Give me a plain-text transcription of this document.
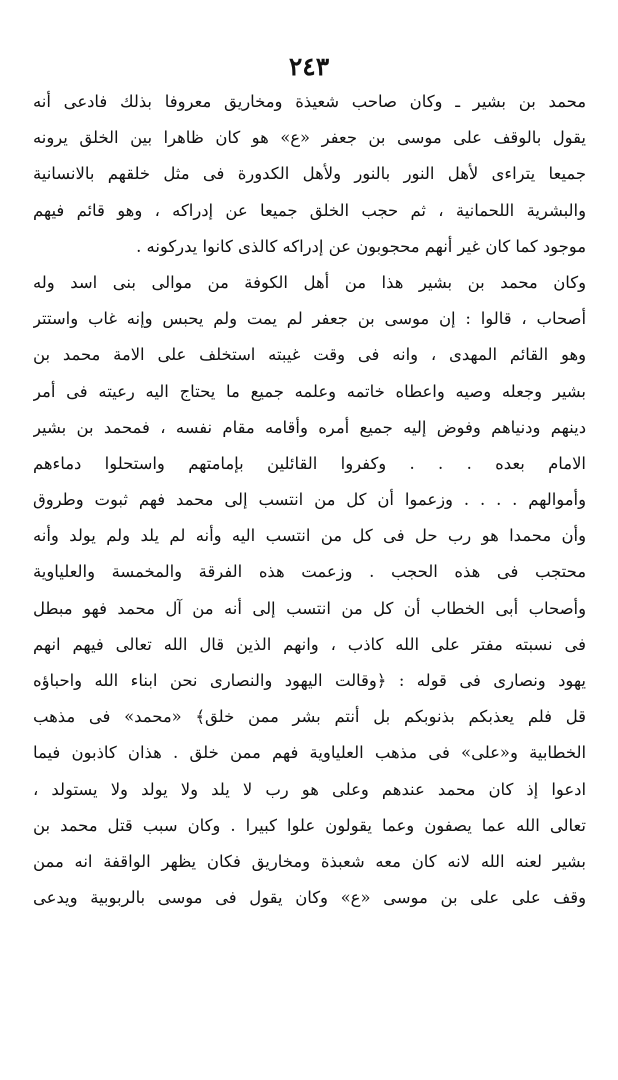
٢٤٣
محمد بن بشير ـ وكان صاحب شعيذة ومخاريق معروفا بذلك فادعى أنه
يقول بالوقف على موسى بن جعفر «ع» هو كان ظاهرا بين الخلق يرونه
جميعا يتراءى لأهل النور بالنور ولأهل الكدورة فى مثل خلقهم بالانسانية
والبشرية اللحمانية ، ثم حجب الخلق جميعا عن إدراكه ، وهو قائم فيهم
موجود كما كان غير أنهم محجوبون عن إدراكه كالذى كانوا يدركونه .
وكان محمد بن بشير هذا من أهل الكوفة من موالى بنى اسد وله
أصحاب ، قالوا : إن موسى بن جعفر لم يمت ولم يحبس وإنه غاب واستتر
وهو القائم المهدى ، وانه فى وقت غيبته استخلف على الامة محمد بن
بشير وجعله وصيه واعطاه خاتمه وعلمه جميع ما يحتاج اليه رعيته فى أمر
دينهم ودنياهم وفوض إليه جميع أمره وأقامه مقام نفسه ، فمحمد بن بشير
الامام بعده . . . وكفروا القائلين بإمامتهم واستحلوا دماءهم
وأموالهم . . . . وزعموا أن كل من انتسب إلى محمد فهم ثبوت وطروق
وأن محمدا هو رب حل فى كل من انتسب اليه وأنه لم يلد ولم يولد وأنه
محتجب فى هذه الحجب . وزعمت هذه الفرقة والمخمسة والعلياوية
وأصحاب أبى الخطاب أن كل من انتسب إلى أنه من آل محمد فهو مبطل
فى نسبته مفتر على الله كاذب ، وانهم الذين قال الله تعالى فيهم انهم
يهود ونصارى فى قوله : ﴿وقالت اليهود والنصارى نحن ابناء الله واحباؤه
قل فلم يعذبكم بذنوبكم بل أنتم بشر ممن خلق﴾ «محمد» فى مذهب
الخطابية و«على» فى مذهب العلياوية فهم ممن خلق . هذان كاذبون فيما
ادعوا إذ كان محمد عندهم وعلى هو رب لا يلد ولا يولد ولا يستولد ،
تعالى الله عما يصفون وعما يقولون علوا كبيرا . وكان سبب قتل محمد بن
بشير لعنه الله لانه كان معه شعبذة ومخاريق فكان يظهر الواقفة انه ممن
وقف على على بن موسى «ع» وكان يقول فى موسى بالربوبية ويدعى
